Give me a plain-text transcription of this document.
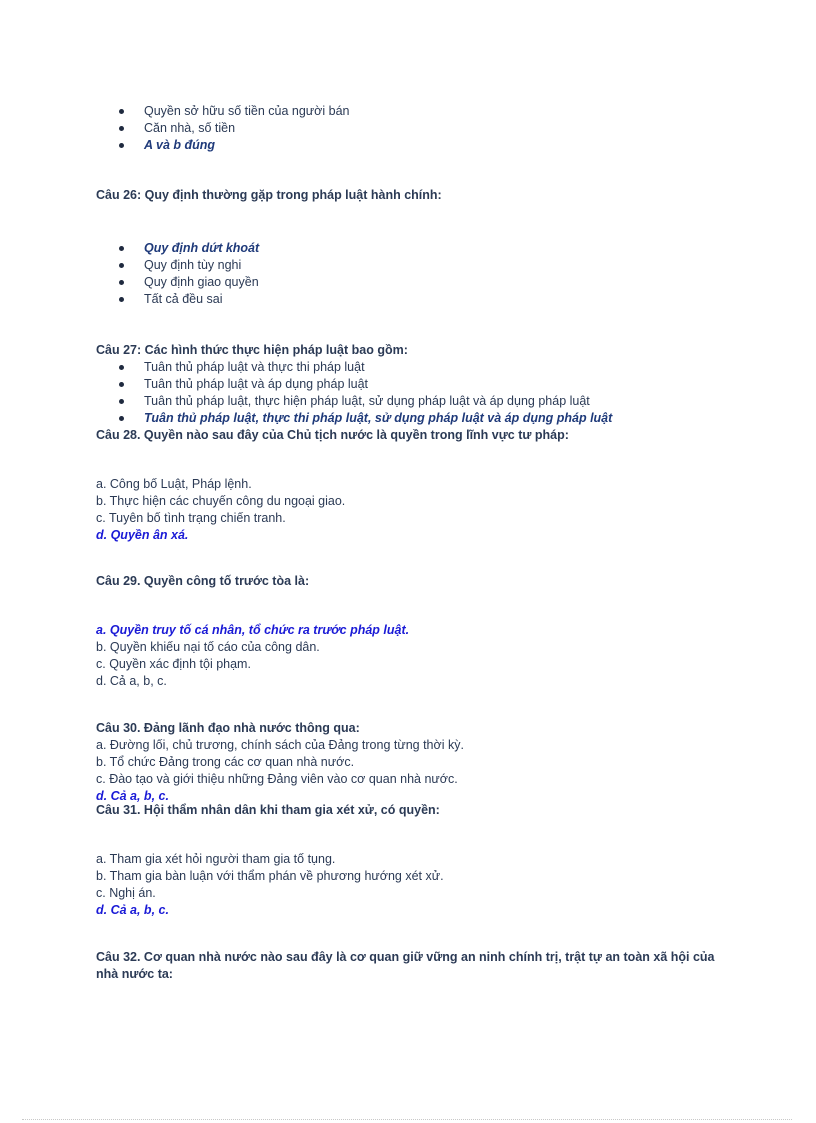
Quyền sở hữu số tiền của người bán
Căn nhà, số tiền
A và b đúng
Câu 26: Quy định thường gặp trong pháp luật hành chính:
Quy định dứt khoát
Quy định tùy nghi
Quy định giao quyền
Tất cả đều sai
Câu 27: Các hình thức thực hiện pháp luật bao gồm:
Tuân thủ pháp luật và thực thi pháp luật
Tuân thủ pháp luật và áp dụng pháp luật
Tuân thủ pháp luật, thực hiện pháp luật, sử dụng pháp luật và áp dụng pháp luật
Tuân thủ pháp luật, thực thi pháp luật, sử dụng pháp luật và áp dụng pháp luật
Câu 28. Quyền nào sau đây của Chủ tịch nước là quyền trong lĩnh vực tư pháp:
a. Công bố Luật, Pháp lệnh.
b. Thực hiện các chuyến công du ngoại giao.
c. Tuyên bố tình trạng chiến tranh.
d. Quyền ân xá.
Câu 29. Quyền công tố trước tòa là:
a. Quyền truy tố cá nhân, tổ chức ra trước pháp luật.
b. Quyền khiếu nại tố cáo của công dân.
c. Quyền xác định tội phạm.
d. Cả a, b, c.
Câu 30. Đảng lãnh đạo nhà nước thông qua:
a. Đường lối, chủ trương, chính sách của Đảng trong từng thời kỳ.
b. Tổ chức Đảng trong các cơ quan nhà nước.
c. Đào tạo và giới thiệu những Đảng viên vào cơ quan nhà nước.
d. Cả a, b, c.
Câu 31. Hội thẩm nhân dân khi tham gia xét xử, có quyền:
a. Tham gia xét hỏi người tham gia tố tụng.
b. Tham gia bàn luận với thẩm phán về phương hướng xét xử.
c. Nghị án.
d. Cả a, b, c.
Câu 32. Cơ quan nhà nước nào sau đây là cơ quan giữ vững an ninh chính trị, trật tự an toàn xã hội của nhà nước ta:
